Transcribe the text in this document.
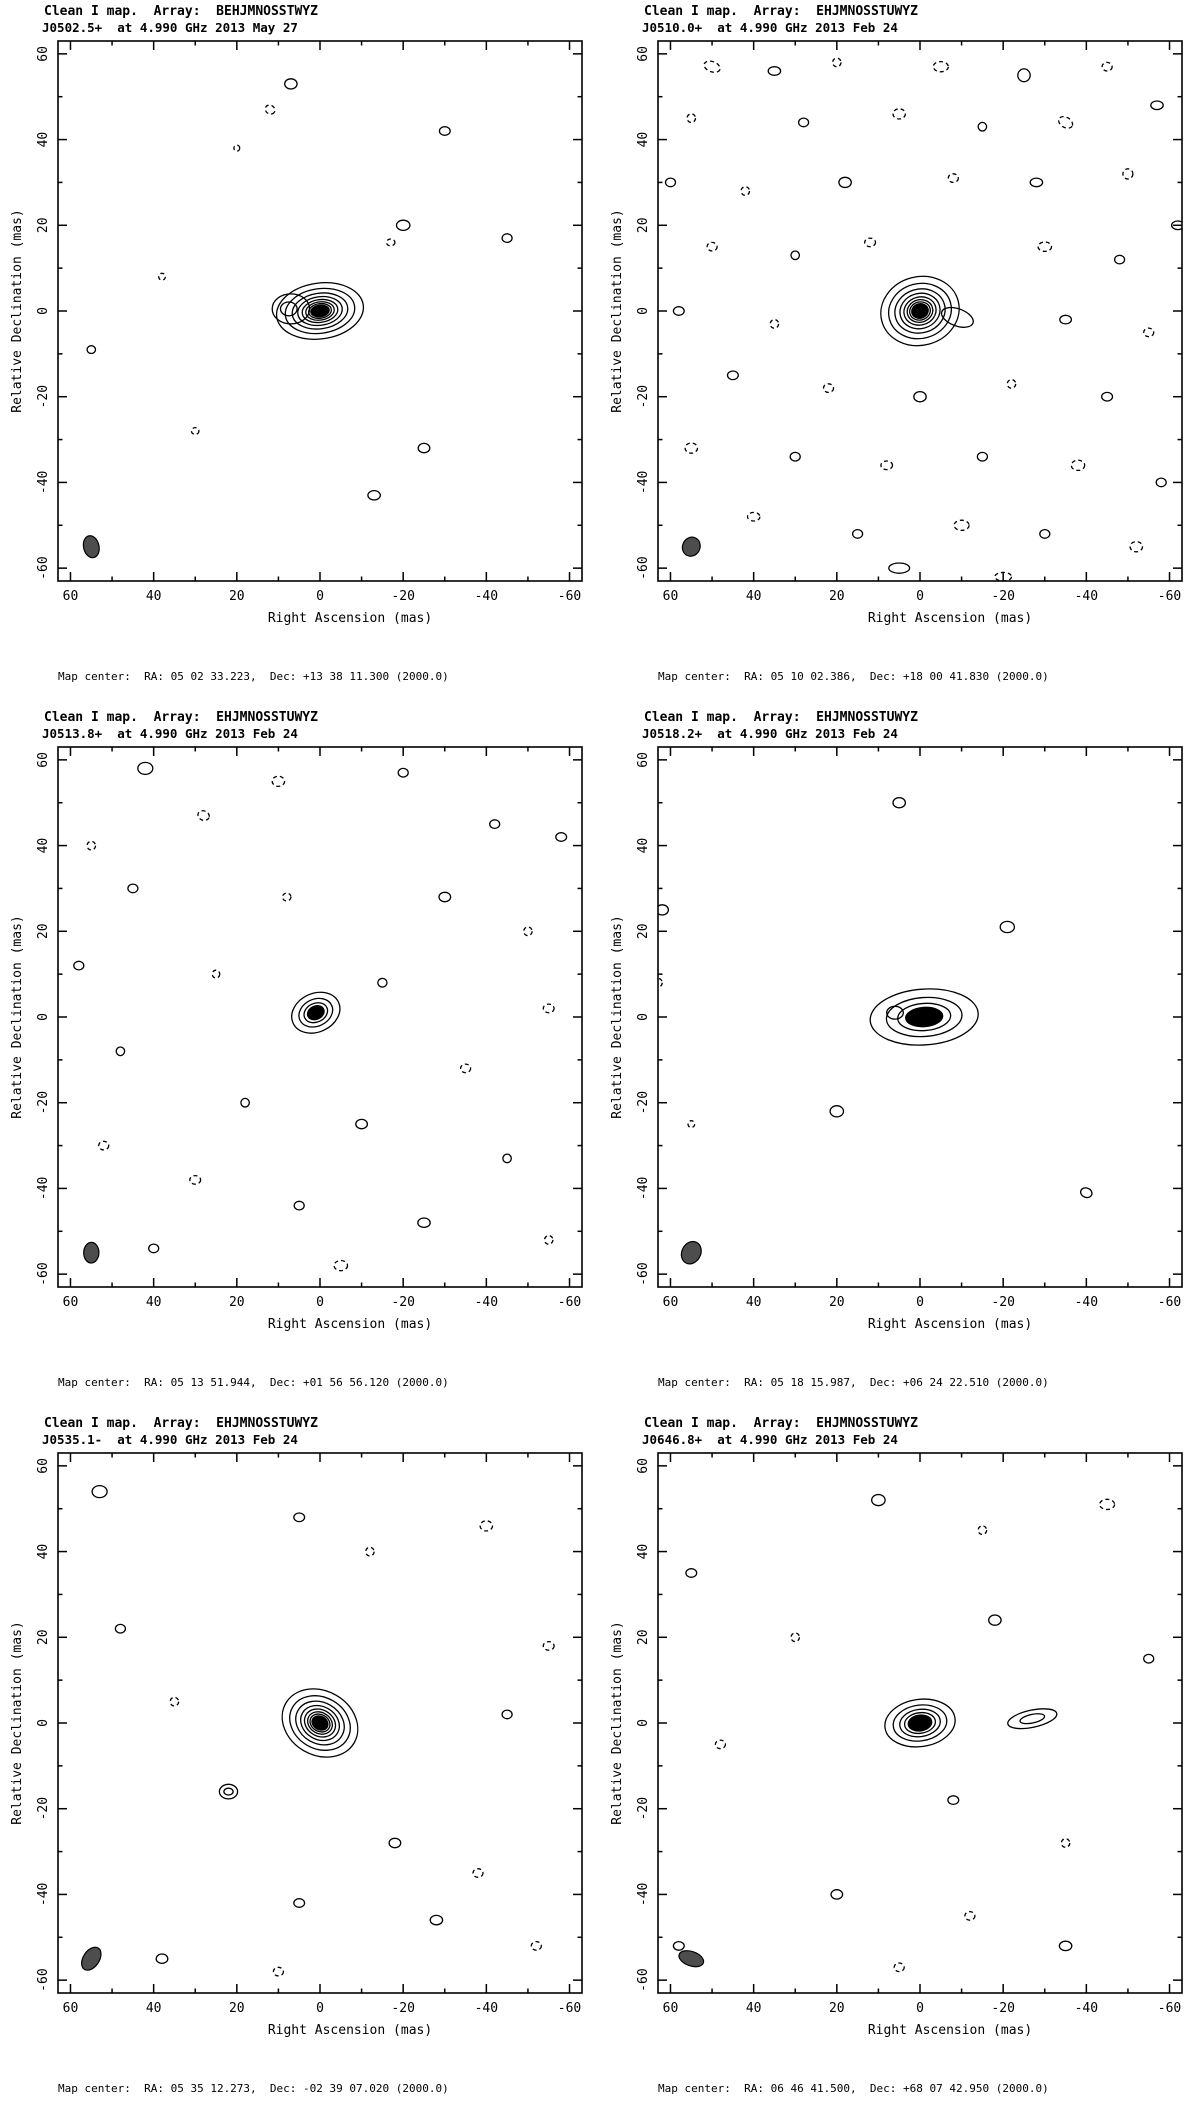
Clean I map.  Array:  BEHJMNOSSTWYZ
J0502.5+  at 4.990 GHz 2013 May 27
-60
-60
-40
-40
-20
-20
0
0
20
20
40
40
60
60
Right Ascension (mas)
Relative Declination (mas)

Map center:  RA: 05 02 33.223,  Dec: +13 38 11.300 (2000.0)

Clean I map.  Array:  EHJMNOSSTUWYZ
J0510.0+  at 4.990 GHz 2013 Feb 24
-60
-60
-40
-40
-20
-20
0
0
20
20
40
40
60
60
Right Ascension (mas)
Relative Declination (mas)

Map center:  RA: 05 10 02.386,  Dec: +18 00 41.830 (2000.0)

Clean I map.  Array:  EHJMNOSSTUWYZ
J0513.8+  at 4.990 GHz 2013 Feb 24
-60
-60
-40
-40
-20
-20
0
0
20
20
40
40
60
60
Right Ascension (mas)
Relative Declination (mas)

Map center:  RA: 05 13 51.944,  Dec: +01 56 56.120 (2000.0)

Clean I map.  Array:  EHJMNOSSTUWYZ
J0518.2+  at 4.990 GHz 2013 Feb 24
-60
-60
-40
-40
-20
-20
0
0
20
20
40
40
60
60
Right Ascension (mas)
Relative Declination (mas)

Map center:  RA: 05 18 15.987,  Dec: +06 24 22.510 (2000.0)

Clean I map.  Array:  EHJMNOSSTUWYZ
J0535.1-  at 4.990 GHz 2013 Feb 24
-60
-60
-40
-40
-20
-20
0
0
20
20
40
40
60
60
Right Ascension (mas)
Relative Declination (mas)

Map center:  RA: 05 35 12.273,  Dec: -02 39 07.020 (2000.0)

Clean I map.  Array:  EHJMNOSSTUWYZ
J0646.8+  at 4.990 GHz 2013 Feb 24
-60
-60
-40
-40
-20
-20
0
0
20
20
40
40
60
60
Right Ascension (mas)
Relative Declination (mas)

Map center:  RA: 06 46 41.500,  Dec: +68 07 42.950 (2000.0)
